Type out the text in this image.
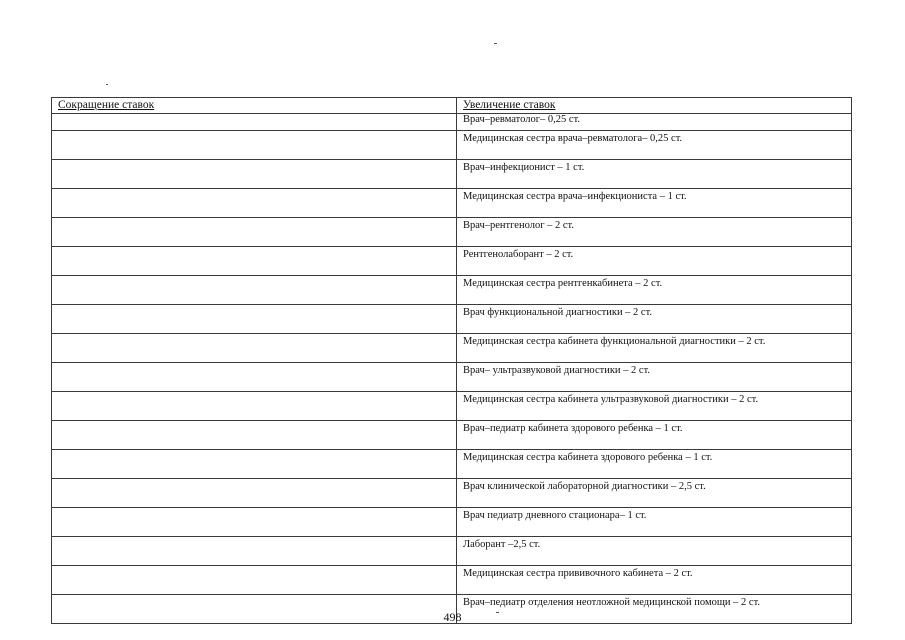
Сокращение ставок	Увеличение ставок
	Врач–ревматолог– 0,25 ст.
	Медицинская сестра врача–ревматолога– 0,25 ст.
	Врач–инфекционист – 1 ст.
	Медицинская сестра врача–инфекциониста – 1 ст.
	Врач–рентгенолог – 2 ст.
	Рентгенолаборант – 2 ст.
	Медицинская сестра рентгенкабинета – 2 ст.
	Врач функциональной диагностики – 2 ст.
	Медицинская сестра кабинета функциональной диагностики – 2 ст.
	Врач– ультразвуковой диагностики – 2 ст.
	Медицинская сестра кабинета ультразвуковой диагностики – 2 ст.
	Врач–педиатр кабинета здорового ребенка – 1 ст.
	Медицинская сестра кабинета здорового ребенка – 1 ст.
	Врач клинической лабораторной диагностики – 2,5 ст.
	Врач педиатр дневного стационара– 1 ст.
	Лаборант –2,5 ст.
	Медицинская сестра прививочного кабинета – 2 ст.
	Врач–педиатр отделения неотложной медицинской помощи – 2 ст.
498
